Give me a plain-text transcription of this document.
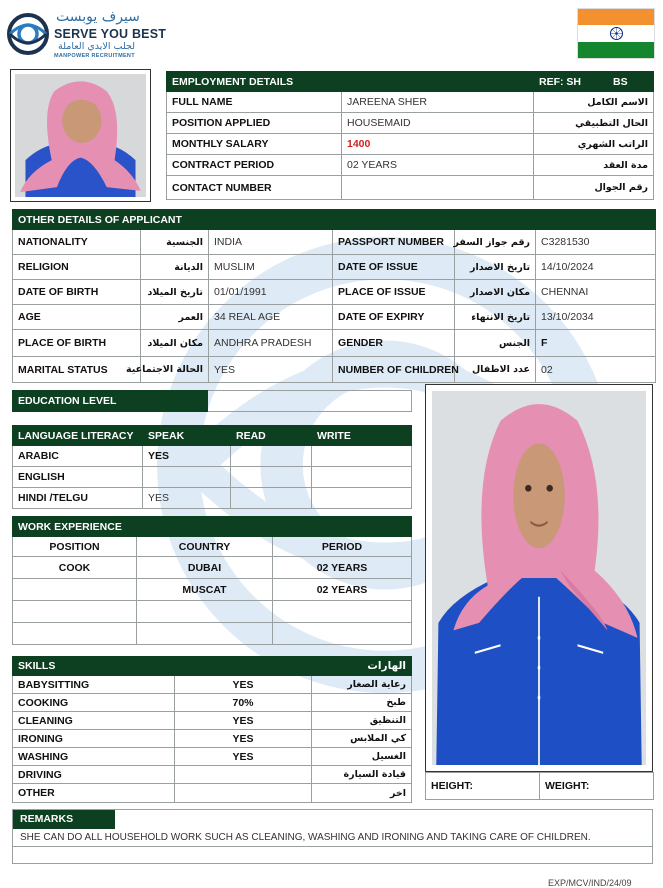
سيرف يوبست
SERVE YOU BEST
لجلب الايدي العاملة
MANPOWER RECRUITMENT
EMPLOYMENT DETAILS		REF: SH BS
FULL NAME	JAREENA SHER	الاسم الكامل
POSITION APPLIED	HOUSEMAID	الحال التطبيقي
MONTHLY SALARY	1400	الراتب الشهري
CONTRACT PERIOD	02 YEARS	مدة العقد
CONTACT NUMBER		رقم الجوال
OTHER DETAILS OF APPLICANT					
NATIONALITY	الجنسية	INDIA	PASSPORT NUMBER	رقم جواز السفر	C3281530
RELIGION	الديانة	MUSLIM	DATE OF ISSUE	تاريخ الاصدار	14/10/2024
DATE OF BIRTH	تاريخ الميلاد	01/01/1991	PLACE OF ISSUE	مكان الاصدار	CHENNAI
AGE	العمر	34 REAL AGE	DATE OF EXPIRY	تاريخ الانتهاء	13/10/2034
PLACE OF BIRTH	مكان الميلاد	ANDHRA PRADESH	GENDER	الجنس	F
MARITAL STATUS	الحالة الاجتماعية	YES	NUMBER OF CHILDREN	عدد الاطفال	02
EDUCATION LEVEL	
LANGUAGE LITERACY	SPEAK	READ	WRITE
ARABIC	YES		
ENGLISH			
HINDI /TELGU	YES		
WORK EXPERIENCE		
POSITION	COUNTRY	PERIOD
COOK	DUBAI	02 YEARS
	MUSCAT	02 YEARS

SKILLS		الهارات
BABYSITTING	YES	رعاية الصغار
COOKING	70%	طبخ
CLEANING	YES	التنظيق
IRONING	YES	كي الملابس
WASHING	YES	الغسيل
DRIVING		قيادة السيارة
OTHER		اخر
HEIGHT:	WEIGHT:
REMARKS
SHE CAN DO ALL HOUSEHOLD WORK SUCH AS CLEANING, WASHING AND IRONING AND TAKING CARE OF CHILDREN.
EXP/MCV/IND/24/09
